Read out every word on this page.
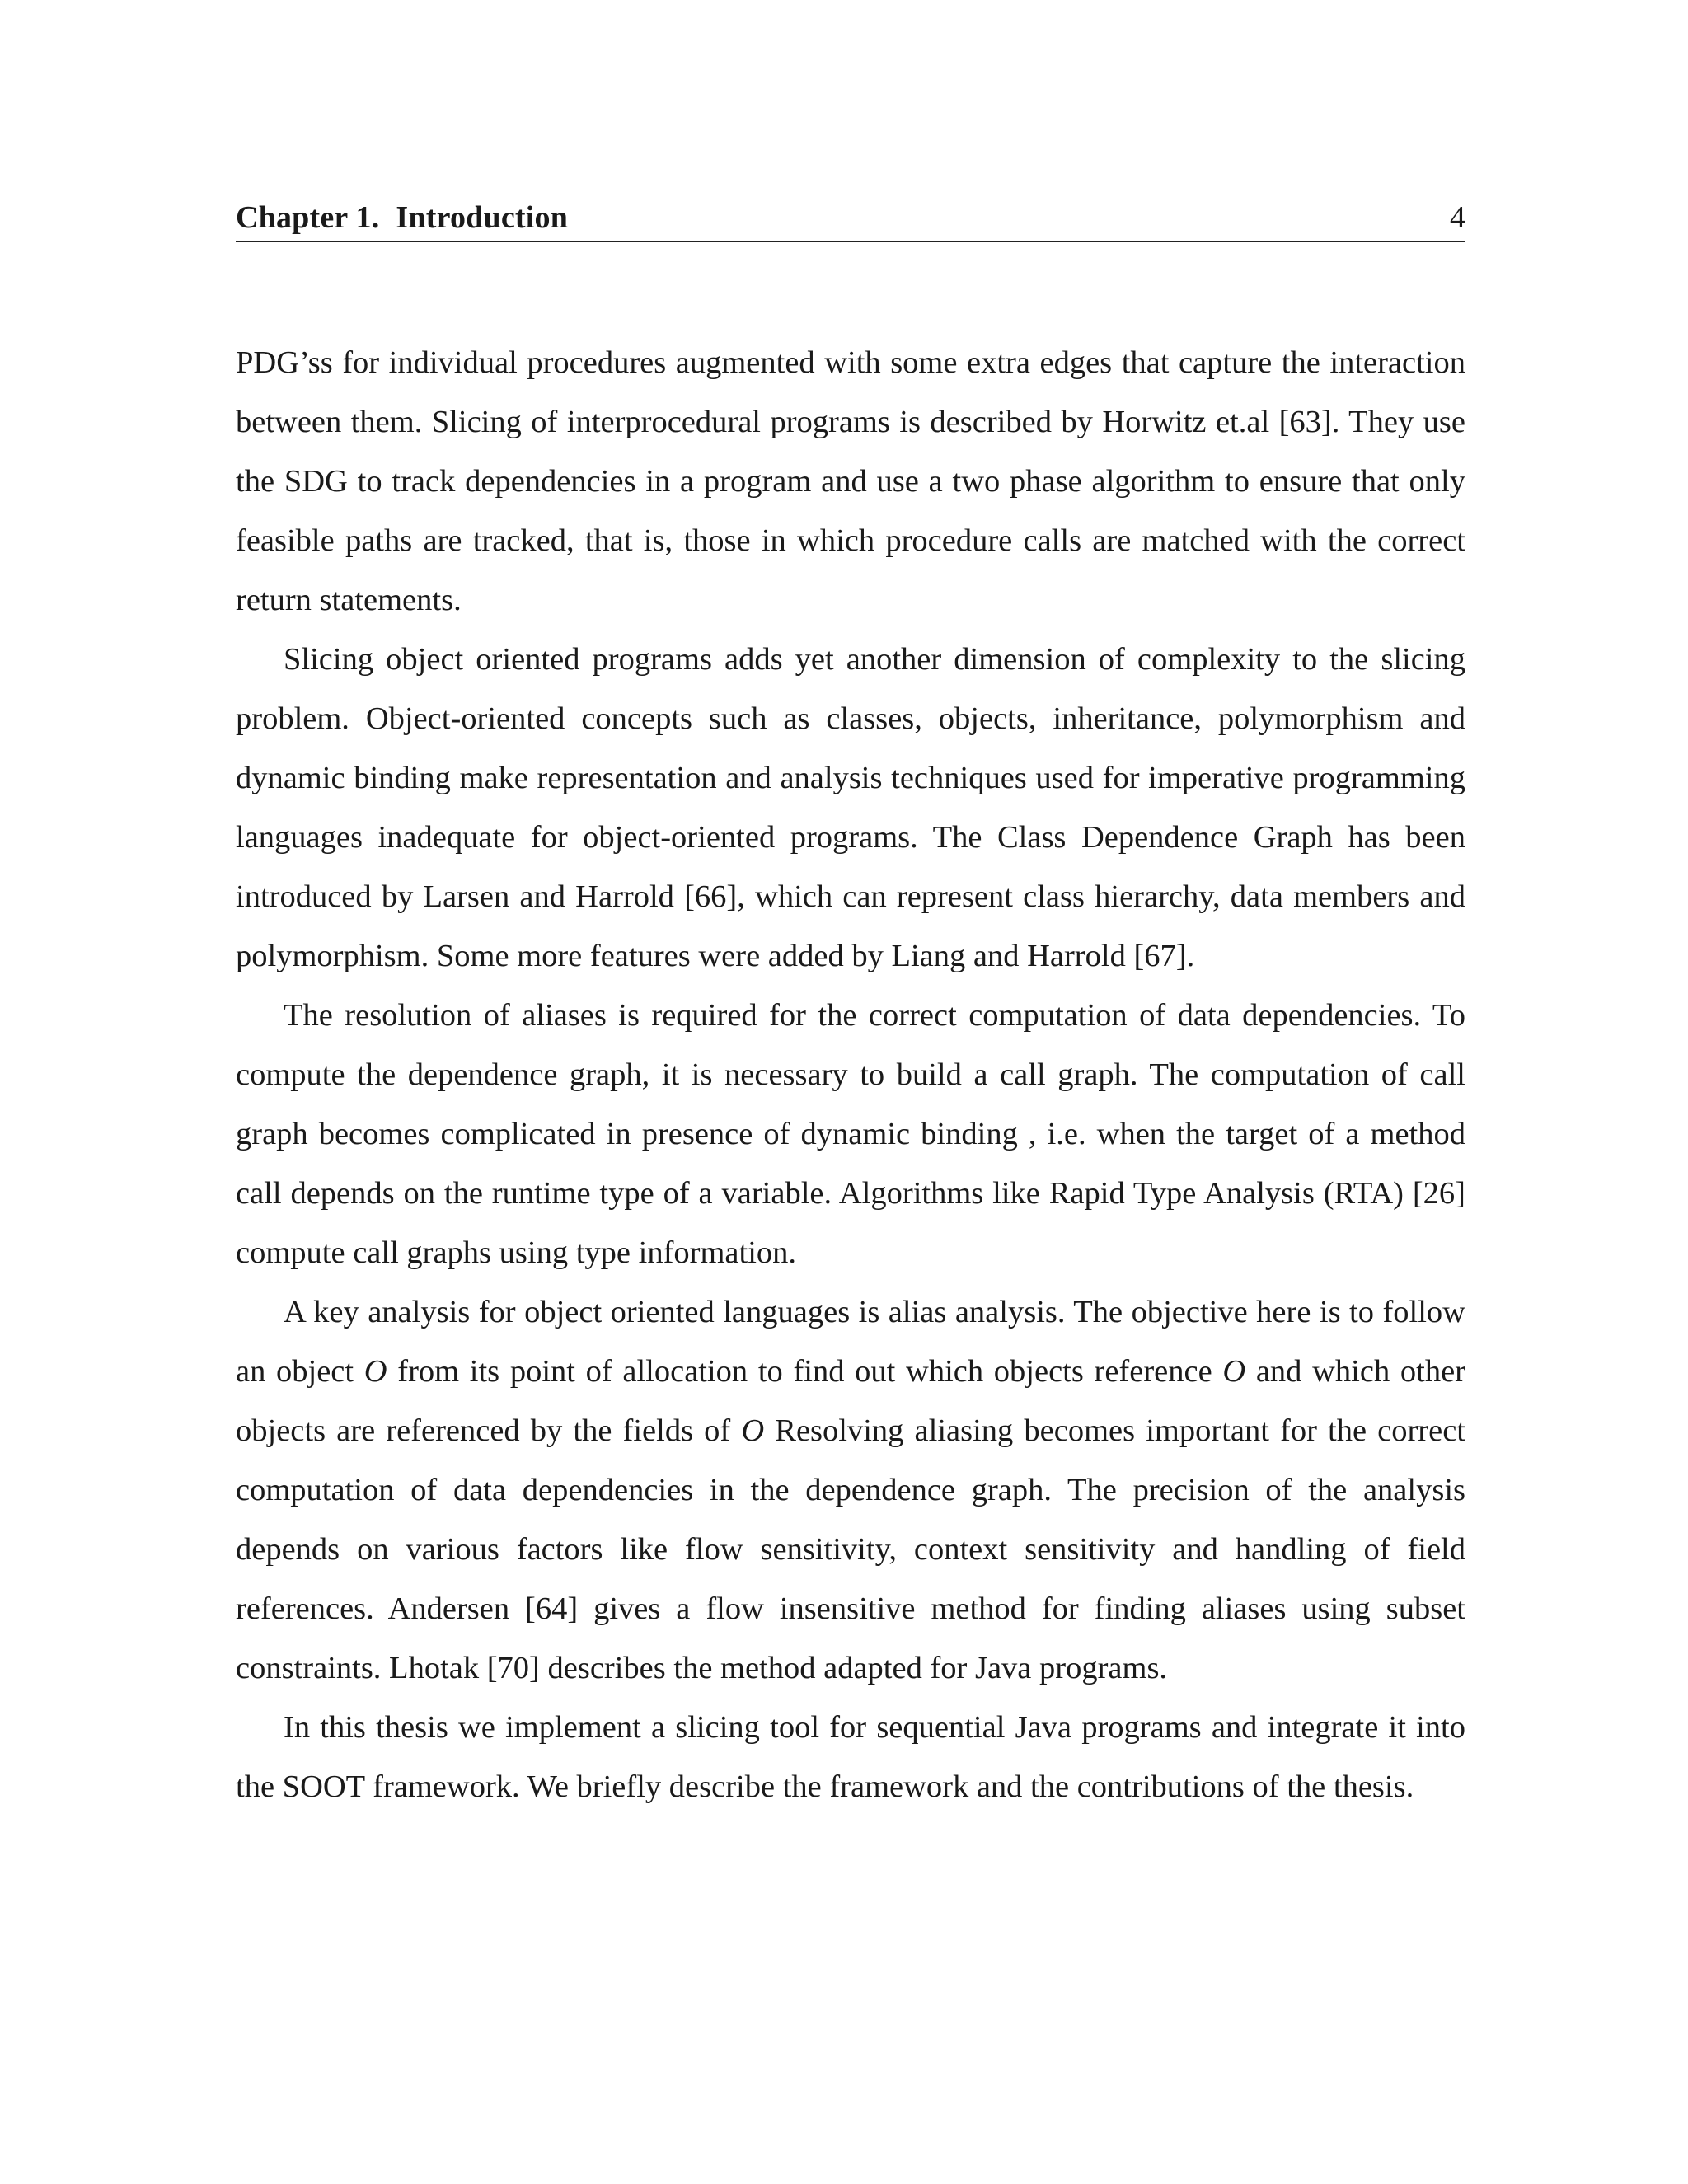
Chapter 1. Introduction	4

PDG’ss for individual procedures augmented with some extra edges that capture the interaction between them. Slicing of interprocedural programs is described by Horwitz et.al [63]. They use the SDG to track dependencies in a program and use a two phase algorithm to ensure that only feasible paths are tracked, that is, those in which procedure calls are matched with the correct return statements.

Slicing object oriented programs adds yet another dimension of complexity to the slicing problem. Object-oriented concepts such as classes, objects, inheritance, polymorphism and dynamic binding make representation and analysis techniques used for imperative programming languages inadequate for object-oriented programs. The Class Dependence Graph has been introduced by Larsen and Harrold [66], which can represent class hierarchy, data members and polymorphism. Some more features were added by Liang and Harrold [67].

The resolution of aliases is required for the correct computation of data dependencies. To compute the dependence graph, it is necessary to build a call graph. The computation of call graph becomes complicated in presence of dynamic binding , i.e. when the target of a method call depends on the runtime type of a variable. Algorithms like Rapid Type Analysis (RTA) [26] compute call graphs using type information.

A key analysis for object oriented languages is alias analysis. The objective here is to follow an object O from its point of allocation to find out which objects reference O and which other objects are referenced by the fields of O Resolving aliasing becomes important for the correct computation of data dependencies in the dependence graph. The precision of the analysis depends on various factors like flow sensitivity, context sensitivity and handling of field references. Andersen [64] gives a flow insensitive method for finding aliases using subset constraints. Lhotak [70] describes the method adapted for Java programs.

In this thesis we implement a slicing tool for sequential Java programs and integrate it into the SOOT framework. We briefly describe the framework and the contributions of the thesis.
